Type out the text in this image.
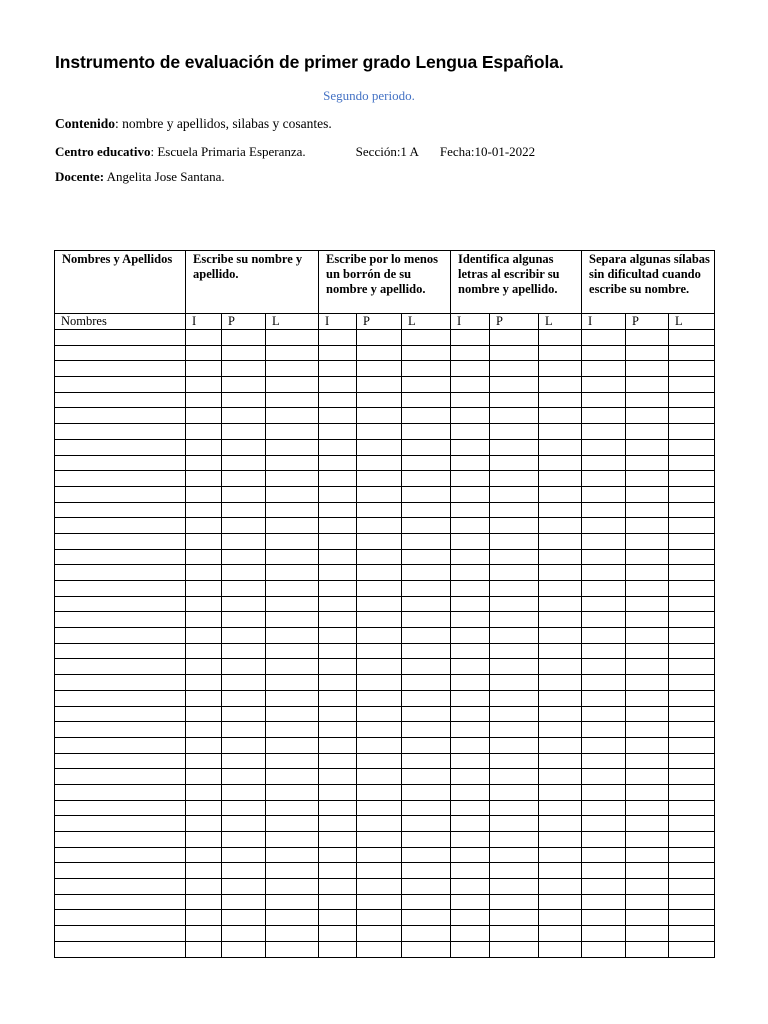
Instrumento de evaluación de primer grado Lengua Española.
Segundo periodo.
Contenido: nombre y apellidos, silabas y cosantes.
Centro educativo: Escuela Primaria Esperanza.	Sección:1 A Fecha:10-01-2022
Docente: Angelita Jose Santana.
Nombres y Apellidos	Escribe su nombre y apellido.			Escribe por lo menos un borrón de su nombre y apellido.			Identifica algunas letras al escribir su nombre y apellido.			Separa algunas sílabas sin dificultad cuando escribe su nombre.		
Nombres	I	P	L	I	P	L	I	P	L	I	P	L
